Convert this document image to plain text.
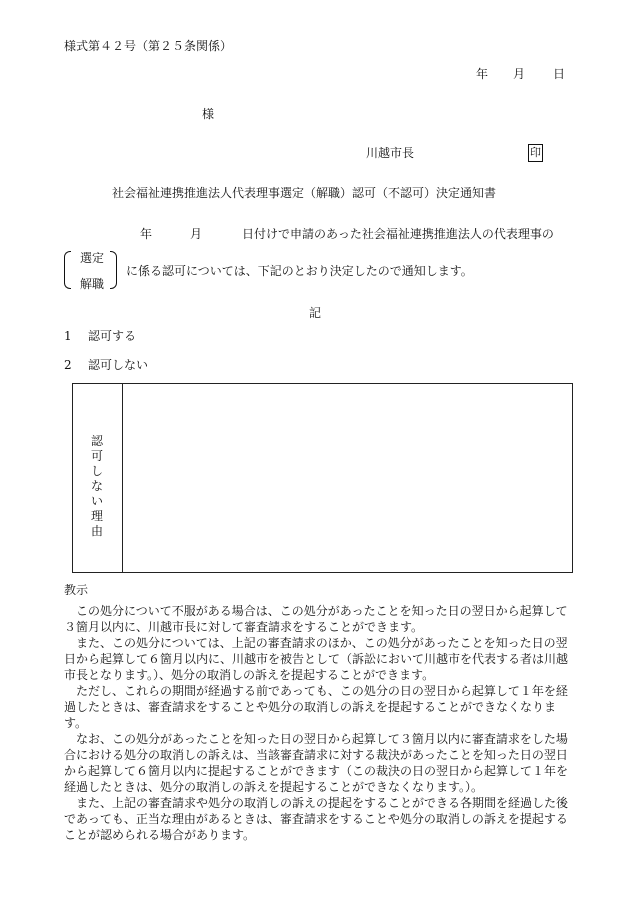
様式第４２号（第２５条関係）
年 月 日
様
川越市長	印
社会福祉連携推進法人代表理事選定（解職）認可（不認可）決定通知書
年	月	日付けで申請のあった社会福祉連携推進法人の代表理事の
選定
解職
に係る認可については、下記のとおり決定したので通知します。
記
1 認可する
2 認可しない
認可しない理由
教示

この処分について不服がある場合は、この処分があったことを知った日の翌日から起算して３箇月以内に、川越市長に対して審査請求をすることができます。

また、この処分については、上記の審査請求のほか、この処分があったことを知った日の翌日から起算して６箇月以内に、川越市を被告として（訴訟において川越市を代表する者は川越市長となります。）、処分の取消しの訴えを提起することができます。

ただし、これらの期間が経過する前であっても、この処分の日の翌日から起算して１年を経過したときは、審査請求をすることや処分の取消しの訴えを提起することができなくなります。

なお、この処分があったことを知った日の翌日から起算して３箇月以内に審査請求をした場合における処分の取消しの訴えは、当該審査請求に対する裁決があったことを知った日の翌日から起算して６箇月以内に提起することができます（この裁決の日の翌日から起算して１年を経過したときは、処分の取消しの訴えを提起することができなくなります。）。

また、上記の審査請求や処分の取消しの訴えの提起をすることができる各期間を経過した後であっても、正当な理由があるときは、審査請求をすることや処分の取消しの訴えを提起することが認められる場合があります。
